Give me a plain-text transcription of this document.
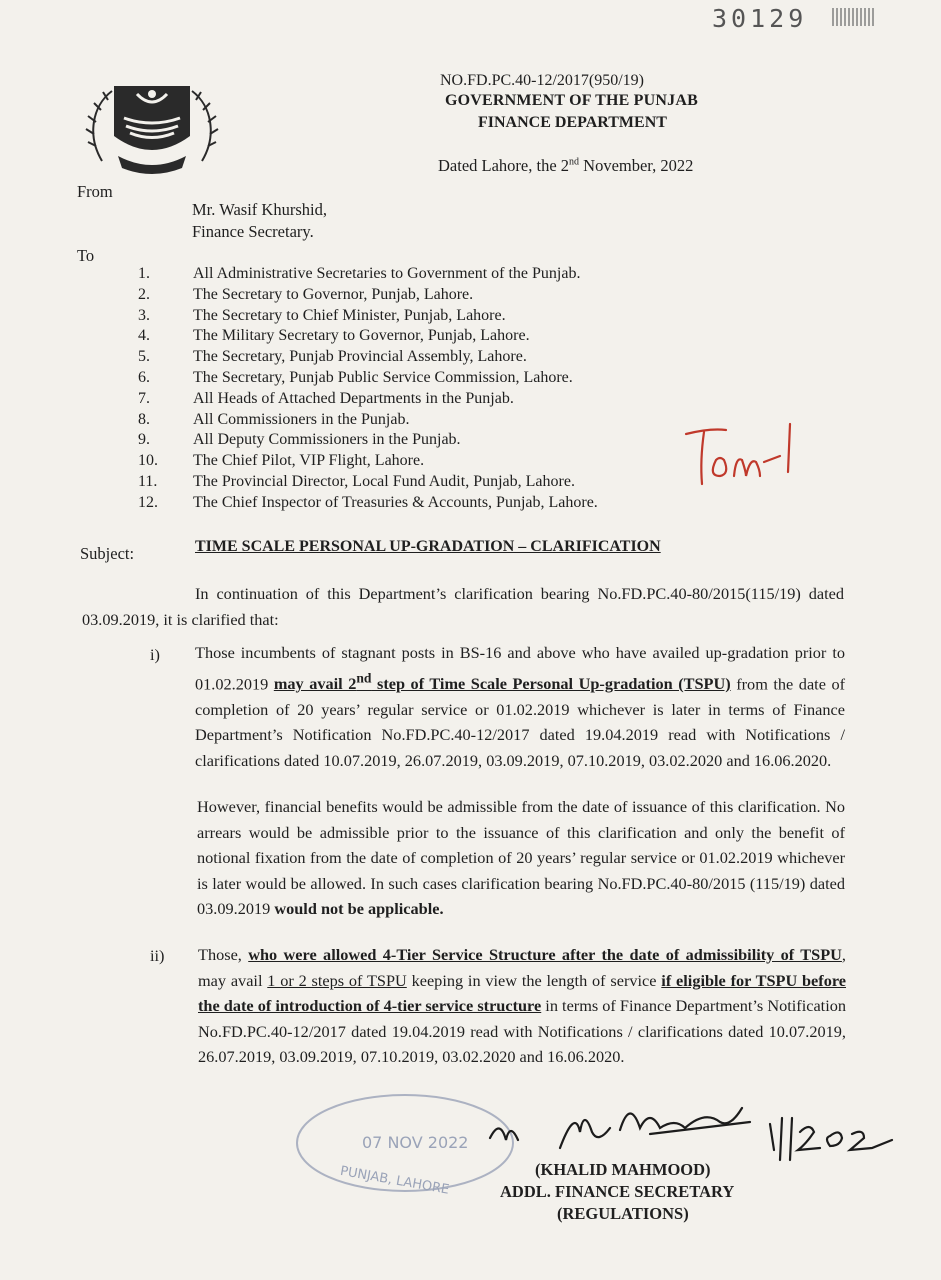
30129
NO.FD.PC.40-12/2017(950/19)
GOVERNMENT OF THE PUNJAB
FINANCE DEPARTMENT
Dated Lahore, the 2nd November, 2022
From
Mr. Wasif Khurshid,
Finance Secretary.
To
1.	All Administrative Secretaries to Government of the Punjab.
2.	The Secretary to Governor, Punjab, Lahore.
3.	The Secretary to Chief Minister, Punjab, Lahore.
4.	The Military Secretary to Governor, Punjab, Lahore.
5.	The Secretary, Punjab Provincial Assembly, Lahore.
6.	The Secretary, Punjab Public Service Commission, Lahore.
7.	All Heads of Attached Departments in the Punjab.
8.	All Commissioners in the Punjab.
9.	All Deputy Commissioners in the Punjab.
10.	The Chief Pilot, VIP Flight, Lahore.
11.	The Provincial Director, Local Fund Audit, Punjab, Lahore.
12.	The Chief Inspector of Treasuries & Accounts, Punjab, Lahore.
Subject:	TIME SCALE PERSONAL UP-GRADATION – CLARIFICATION
In continuation of this Department’s clarification bearing No.FD.PC.40-80/2015(115/19) dated 03.09.2019, it is clarified that:
i) Those incumbents of stagnant posts in BS-16 and above who have availed up-gradation prior to 01.02.2019 may avail 2nd step of Time Scale Personal Up-gradation (TSPU) from the date of completion of 20 years’ regular service or 01.02.2019 whichever is later in terms of Finance Department’s Notification No.FD.PC.40-12/2017 dated 19.04.2019 read with Notifications / clarifications dated 10.07.2019, 26.07.2019, 03.09.2019, 07.10.2019, 03.02.2020 and 16.06.2020.
However, financial benefits would be admissible from the date of issuance of this clarification. No arrears would be admissible prior to the issuance of this clarification and only the benefit of notional fixation from the date of completion of 20 years’ regular service or 01.02.2019 whichever is later would be allowed. In such cases clarification bearing No.FD.PC.40-80/2015 (115/19) dated 03.09.2019 would not be applicable.
ii) Those, who were allowed 4-Tier Service Structure after the date of admissibility of TSPU, may avail 1 or 2 steps of TSPU keeping in view the length of service if eligible for TSPU before the date of introduction of 4-tier service structure in terms of Finance Department’s Notification No.FD.PC.40-12/2017 dated 19.04.2019 read with Notifications / clarifications dated 10.07.2019, 26.07.2019, 03.09.2019, 07.10.2019, 03.02.2020 and 16.06.2020.
07 NOV 2022
PUNJAB, LAHORE	(KHALID MAHMOOD)
ADDL. FINANCE SECRETARY
(REGULATIONS)
